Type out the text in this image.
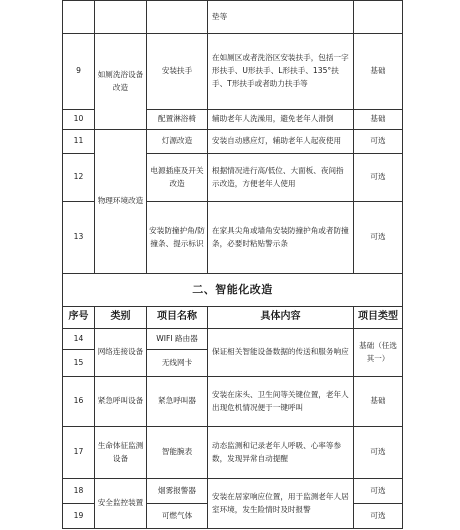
			垫等	
9	如厕洗浴设备改造	安装扶手	在如厕区或者洗浴区安装扶手，包括一字形扶手、U形扶手、L形扶手、135°扶手、T形扶手或者助力扶手等	基础
10		配置淋浴椅	辅助老年人洗澡用，避免老年人滑倒	基础
11	物理环境改造	灯源改造	安装自动感应灯，辅助老年人起夜使用	可选
12		电源插座及开关改造	根据情况进行高/低位、大面板、夜间指示改造，方便老年人使用	可选
13		安装防撞护角/防撞条、提示标识	在家具尖角或墙角安装防撞护角或者防撞条，必要时粘贴警示条	可选
二、智能化改造				
序号	类别	项目名称	具体内容	项目类型
14	网络连接设备	WIFI 路由器	保证相关智能设备数据的传送和服务响应	基础（任选其一）
15		无线网卡		
16	紧急呼叫设备	紧急呼叫器	安装在床头、卫生间等关键位置，老年人出现危机情况便于一键呼叫	基础
17	生命体征监测设备	智能腕表	动态监测和记录老年人呼吸、心率等参数，发现异常自动提醒	可选
18	安全监控装置	烟雾报警器	安装在居家响应位置，用于监测老年人居室环境，发生险情时及时报警	可选
19		可燃气体		可选
